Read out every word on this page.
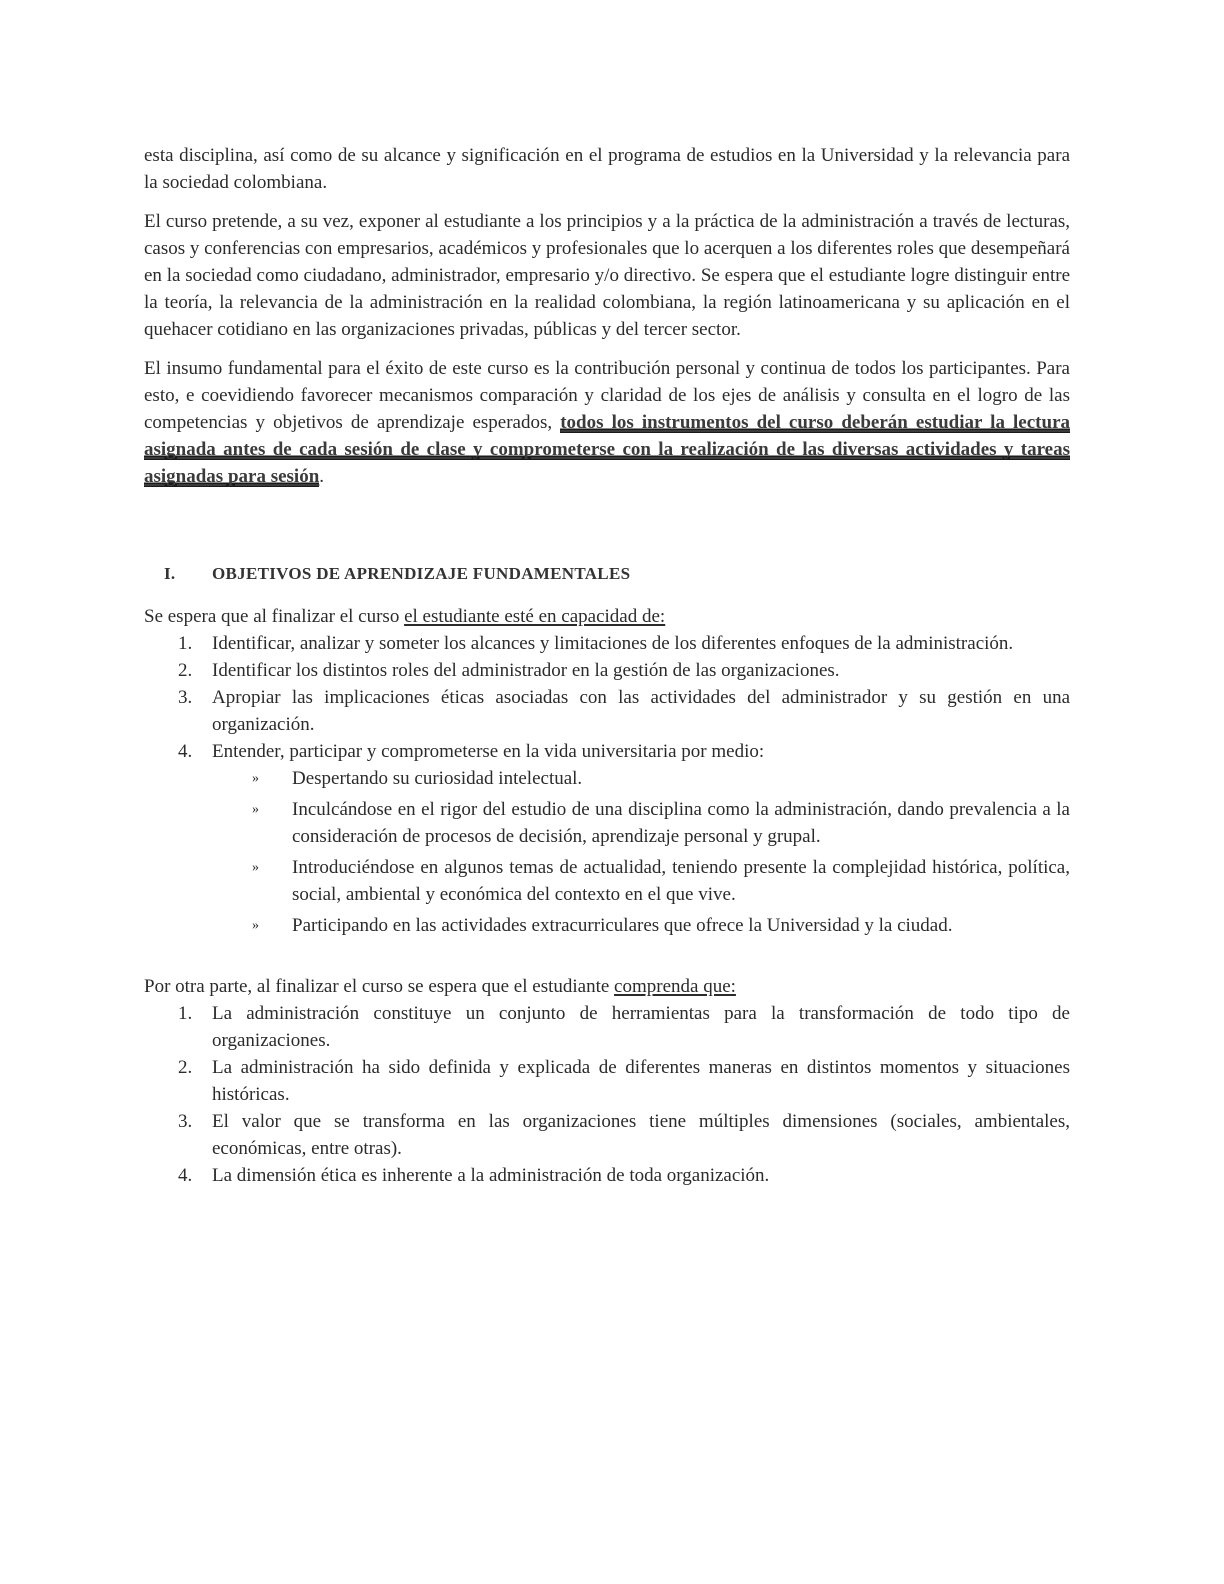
esta disciplina, así como de su alcance y significación en el programa de estudios en la Universidad y la relevancia para la sociedad colombiana.

El curso pretende, a su vez, exponer al estudiante a los principios y a la práctica de la administración a través de lecturas, casos y conferencias con empresarios, académicos y profesionales que lo acerquen a los diferentes roles que desempeñará en la sociedad como ciudadano, administrador, empresario y/o directivo. Se espera que el estudiante logre distinguir entre la teoría, la relevancia de la administración en la realidad colombiana, la región latinoamericana y su aplicación en el quehacer cotidiano en las organizaciones privadas, públicas y del tercer sector.

El insumo fundamental para el éxito de este curso es la contribución personal y continua de todos los participantes. Para esto, e coevidiendo favorecer mecanismos comparación y claridad de los ejes de análisis y consulta en el logro de las competencias y objetivos de aprendizaje esperados, todos los instrumentos del curso deberán estudiar la lectura asignada antes de cada sesión de clase y comprometerse con la realización de las diversas actividades y tareas asignadas para sesión.

I.	OBJETIVOS DE APRENDIZAJE FUNDAMENTALES

Se espera que al finalizar el curso el estudiante esté en capacidad de:

1. Identificar, analizar y someter los alcances y limitaciones de los diferentes enfoques de la administración.
2. Identificar los distintos roles del administrador en la gestión de las organizaciones.
3. Apropiar las implicaciones éticas asociadas con las actividades del administrador y su gestión en una organización.
4. Entender, participar y comprometerse en la vida universitaria por medio:
» Despertando su curiosidad intelectual.
» Inculcándose en el rigor del estudio de una disciplina como la administración, dando prevalencia a la consideración de procesos de decisión, aprendizaje personal y grupal.
» Introduciéndose en algunos temas de actualidad, teniendo presente la complejidad histórica, política, social, ambiental y económica del contexto en el que vive.
» Participando en las actividades extracurriculares que ofrece la Universidad y la ciudad.

Por otra parte, al finalizar el curso se espera que el estudiante comprenda que:

1. La administración constituye un conjunto de herramientas para la transformación de todo tipo de organizaciones.
2. La administración ha sido definida y explicada de diferentes maneras en distintos momentos y situaciones históricas.
3. El valor que se transforma en las organizaciones tiene múltiples dimensiones (sociales, ambientales, económicas, entre otras).
4. La dimensión ética es inherente a la administración de toda organización.
